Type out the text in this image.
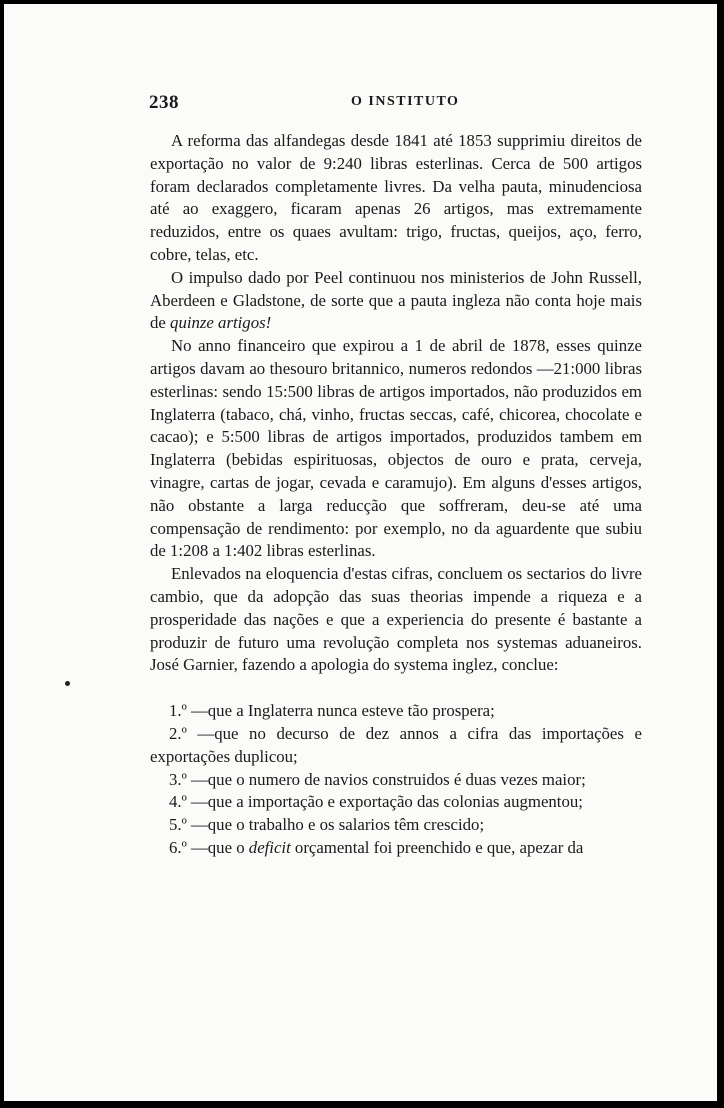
238	O INSTITUTO

A reforma das alfandegas desde 1841 até 1853 supprimiu direitos de exportação no valor de 9:240 libras esterlinas. Cerca de 500 artigos foram declarados completamente livres. Da velha pauta, minudenciosa até ao exaggero, ficaram apenas 26 artigos, mas extremamente reduzidos, entre os quaes avultam: trigo, fructas, queijos, aço, ferro, cobre, telas, etc.

O impulso dado por Peel continuou nos ministerios de John Russell, Aberdeen e Gladstone, de sorte que a pauta ingleza não conta hoje mais de quinze artigos!

No anno financeiro que expirou a 1 de abril de 1878, esses quinze artigos davam ao thesouro britannico, numeros redondos —21:000 libras esterlinas: sendo 15:500 libras de artigos importados, não produzidos em Inglaterra (tabaco, chá, vinho, fructas seccas, café, chicorea, chocolate e cacao); e 5:500 libras de artigos importados, produzidos tambem em Inglaterra (bebidas espirituosas, objectos de ouro e prata, cerveja, vinagre, cartas de jogar, cevada e caramujo). Em alguns d'esses artigos, não obstante a larga reducção que soffreram, deu-se até uma compensação de rendimento: por exemplo, no da aguardente que subiu de 1:208 a 1:402 libras esterlinas.

Enlevados na eloquencia d'estas cifras, concluem os sectarios do livre cambio, que da adopção das suas theorias impende a riqueza e a prosperidade das nações e que a experiencia do presente é bastante a produzir de futuro uma revolução completa nos systemas aduaneiros. José Garnier, fazendo a apologia do systema inglez, conclue:

1.º —que a Inglaterra nunca esteve tão prospera;

2.º —que no decurso de dez annos a cifra das importações e exportações duplicou;

3.º —que o numero de navios construidos é duas vezes maior;

4.º —que a importação e exportação das colonias augmentou;

5.º —que o trabalho e os salarios têm crescido;

6.º —que o deficit orçamental foi preenchido e que, apezar da
